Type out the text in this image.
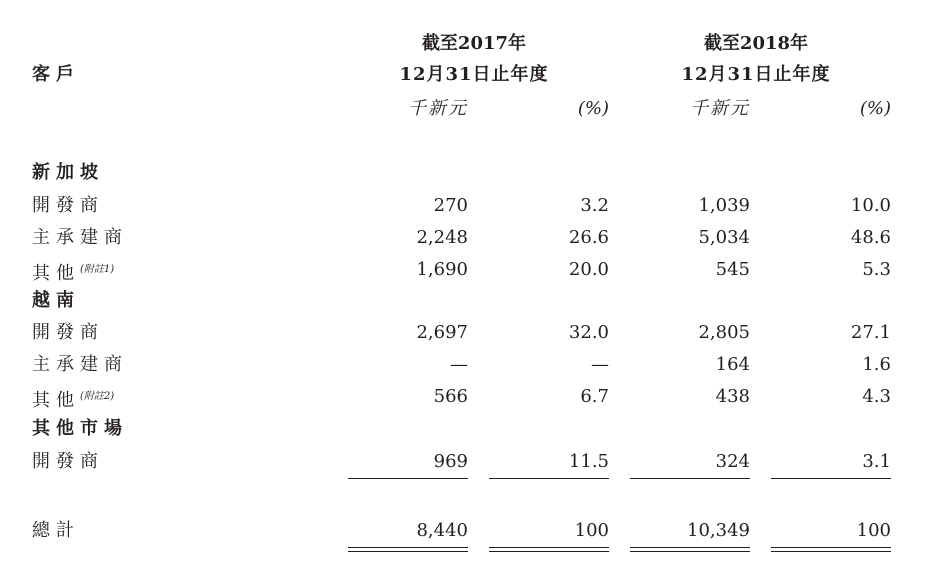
客戶
截至2017年
12月31日止年度
截至2018年
12月31日止年度
千新元	(%)	千新元	(%)
新加坡
開發商	270	3.2	1,039	10.0
主承建商	2,248	26.6	5,034	48.6
其他$^{(附註1)}$	1,690	20.0	545	5.3
越南
開發商	2,697	32.0	2,805	27.1
主承建商	—	—	164	1.6
其他$^{(附註2)}$	566	6.7	438	4.3
其他市場
開發商	969	11.5	324	3.1
總計	8,440	100	10,349	100
